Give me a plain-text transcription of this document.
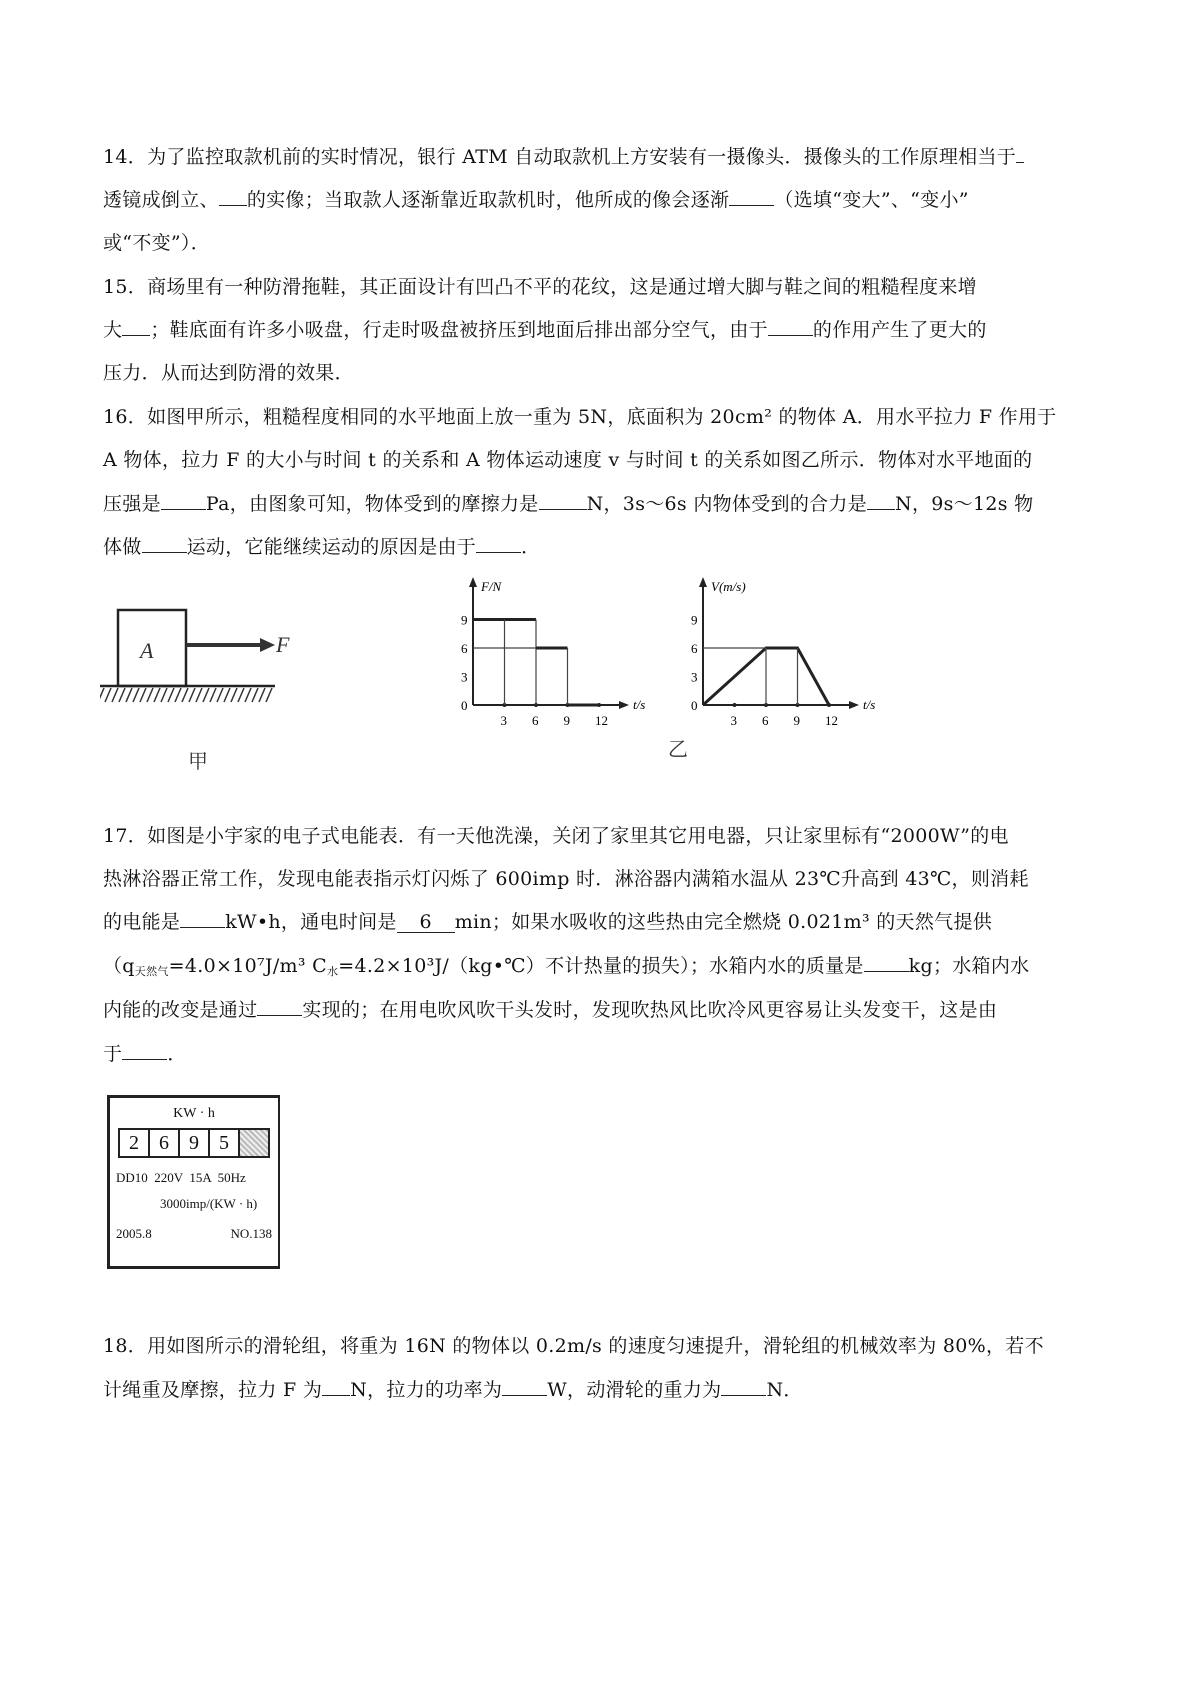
14．为了监控取款机前的实时情况，银行 ATM 自动取款机上方安装有一摄像头．摄像头的工作原理相当于
透镜成倒立、 的实像；当取款人逐渐靠近取款机时，他所成的像会逐渐 （选填“变大”、“变小”
或“不变”）．
15．商场里有一种防滑拖鞋，其正面设计有凹凸不平的花纹，这是通过增大脚与鞋之间的粗糙程度来增
大 ；鞋底面有许多小吸盘，行走时吸盘被挤压到地面后排出部分空气，由于 的作用产生了更大的
压力．从而达到防滑的效果．
16．如图甲所示，粗糙程度相同的水平地面上放一重为 5N，底面积为 20cm² 的物体 A．用水平拉力 F 作用于
A 物体，拉力 F 的大小与时间 t 的关系和 A 物体运动速度 v 与时间 t 的关系如图乙所示．物体对水平地面的
压强是 Pa，由图象可知，物体受到的摩擦力是	N，3s～6s 内物体受到的合力是 N，9s～12s 物
体做 运动，它能继续运动的原因是由于 ．
17．如图是小宇家的电子式电能表．有一天他洗澡，关闭了家里其它用电器，只让家里标有“2000W”的电
热淋浴器正常工作，发现电能表指示灯闪烁了 600imp 时．淋浴器内满箱水温从 23℃升高到 43℃，则消耗
的电能是 kW•h，通电时间是 6 min；如果水吸收的这些热由完全燃烧 0.021m³ 的天然气提供
（$q_{天然气}=4.0\times 10^7J/m^3$ $C_水=4.2\times 10^3J/(kg•℃)$不计热量的损失）；水箱内水的质量是 kg；水箱内水
内能的改变是通过 实现的；在用电吹风吹干头发时，发现吹热风比吹冷风更容易让头发变干，这是由
于 ．
18．用如图所示的滑轮组，将重为 16N 的物体以 0.2m/s 的速度匀速提升，滑轮组的机械效率为 80%，若不
计绳重及摩擦，拉力 F 为 N，拉力的功率为 W，动滑轮的重力为 N．
A	F
甲
F/N
t/s
0
3
6
9
3 6 9 12
V(m/s)
t/s
0
3
6
9
3 6 9 12
乙
KW · h
2	6	9	5
DD10  220V  15A  50Hz
3000imp/(KW · h)
2005.8	NO.138
